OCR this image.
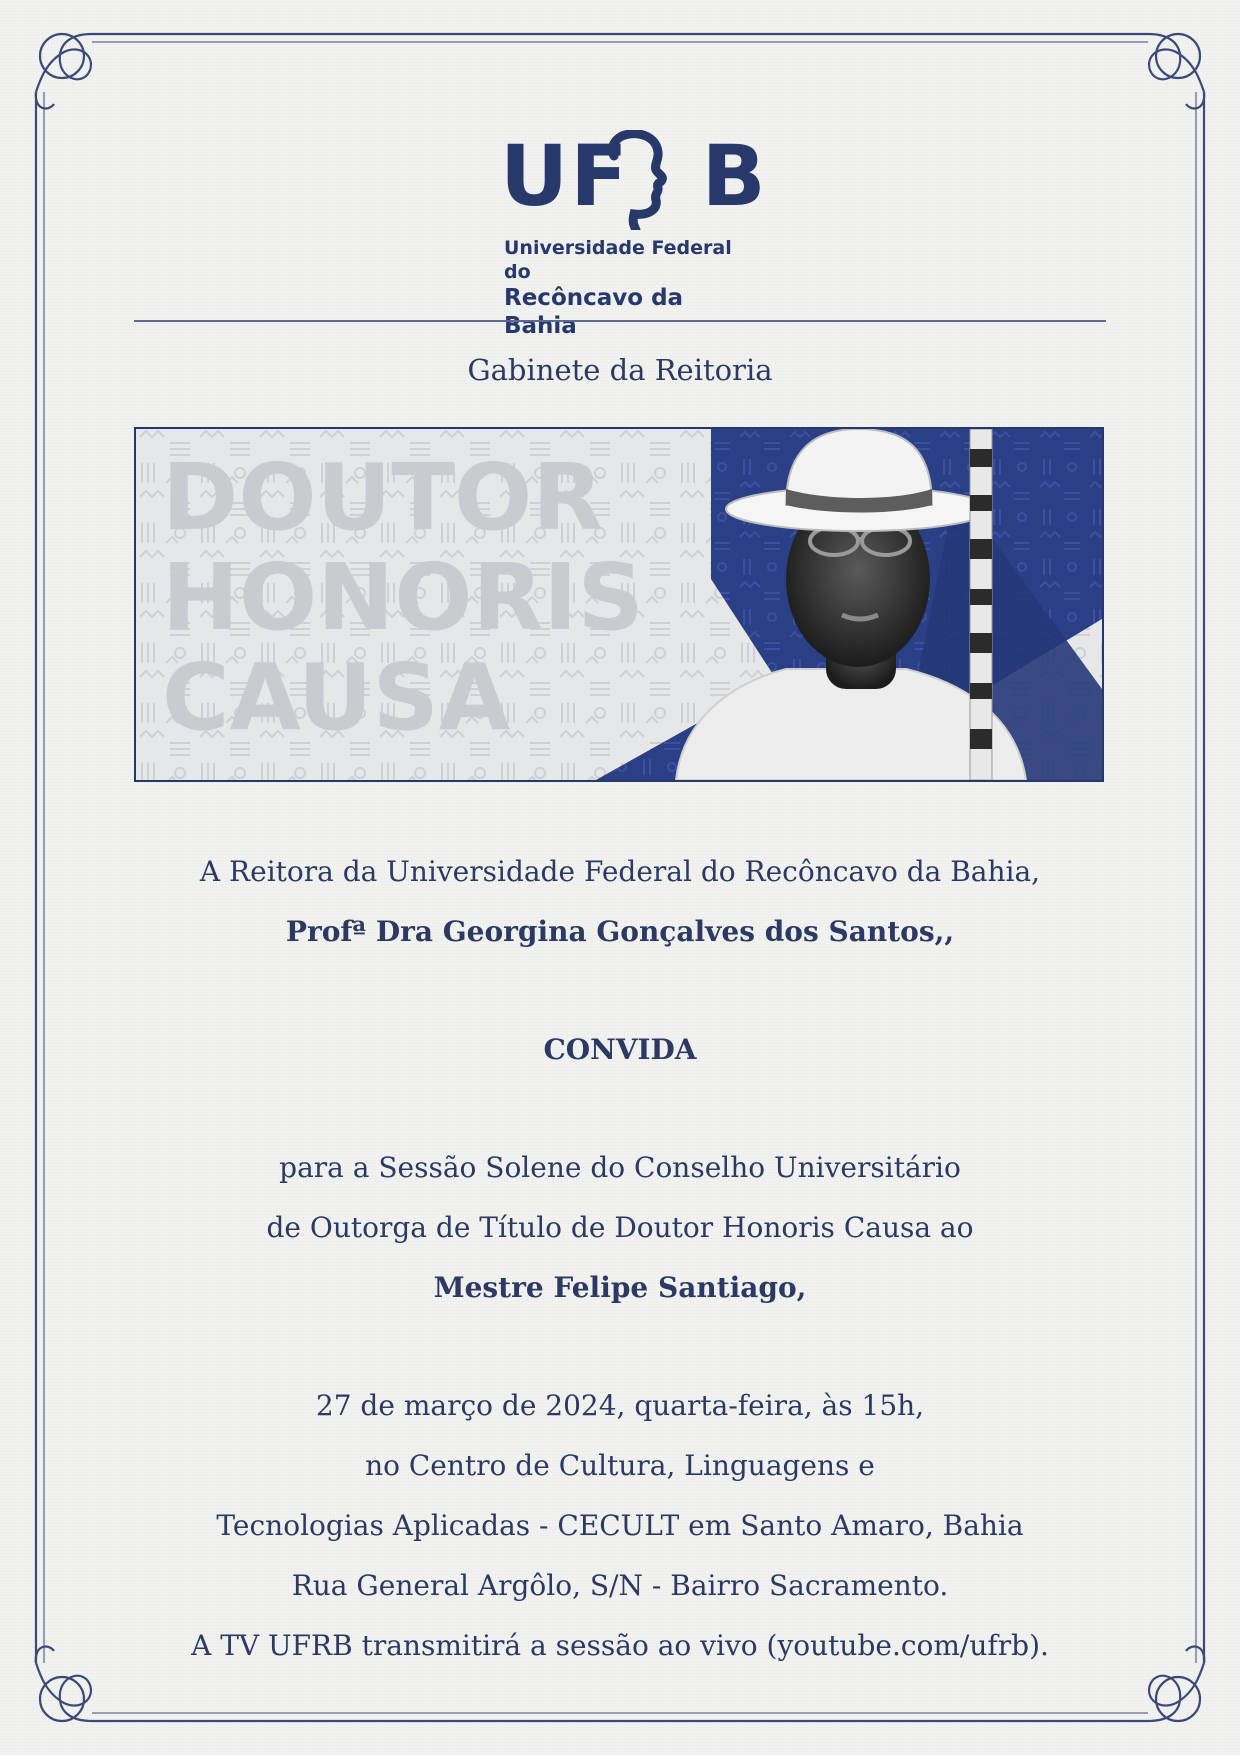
UF B
Universidade Federal do
Recôncavo da Bahia
Gabinete da Reitoria
DOUTOR
HONORIS
CAUSA
A Reitora da Universidade Federal do Recôncavo da Bahia,
Profª Dra Georgina Gonçalves dos Santos,,
CONVIDA
para a Sessão Solene do Conselho Universitário
de Outorga de Título de Doutor Honoris Causa ao
Mestre Felipe Santiago,
27 de março de 2024, quarta-feira, às 15h,
no Centro de Cultura, Linguagens e
Tecnologias Aplicadas - CECULT em Santo Amaro, Bahia
Rua General Argôlo, S/N - Bairro Sacramento.
A TV UFRB transmitirá a sessão ao vivo (youtube.com/ufrb).
